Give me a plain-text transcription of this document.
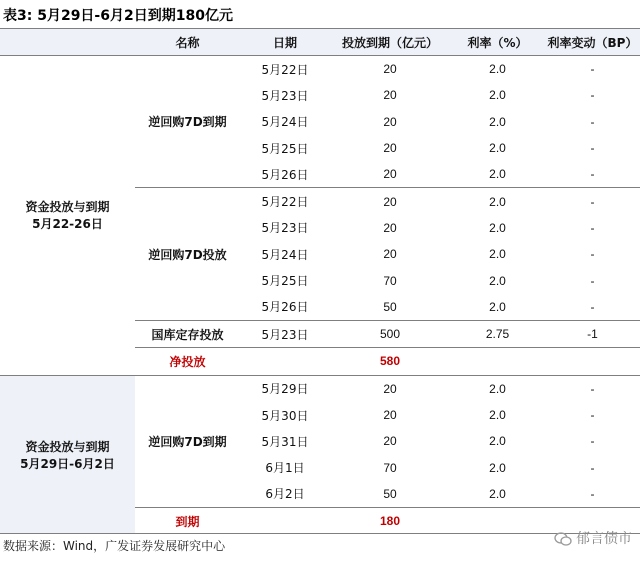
表3: 5月29日-6月2日到期180亿元
	名称	日期	投放到期（亿元）	利率（%）	利率变动（BP）

资金投放与到期
5月22-26日	逆回购7D到期	5月22日	20	2.0	-
		5月23日	20	2.0	-
		5月24日	20	2.0	-
		5月25日	20	2.0	-
		5月26日	20	2.0	-
	逆回购7D投放	5月22日	20	2.0	-
		5月23日	20	2.0	-
		5月24日	20	2.0	-
		5月25日	70	2.0	-
		5月26日	50	2.0	-
	国库定存投放	5月23日	500	2.75	-1
	净投放		580		

资金投放与到期
5月29日-6月2日	逆回购7D到期	5月29日	20	2.0	-
		5月30日	20	2.0	-
		5月31日	20	2.0	-
		6月1日	70	2.0	-
		6月2日	50	2.0	-
	到期		180		
数据来源：Wind，广发证券发展研究中心	郁言债市
